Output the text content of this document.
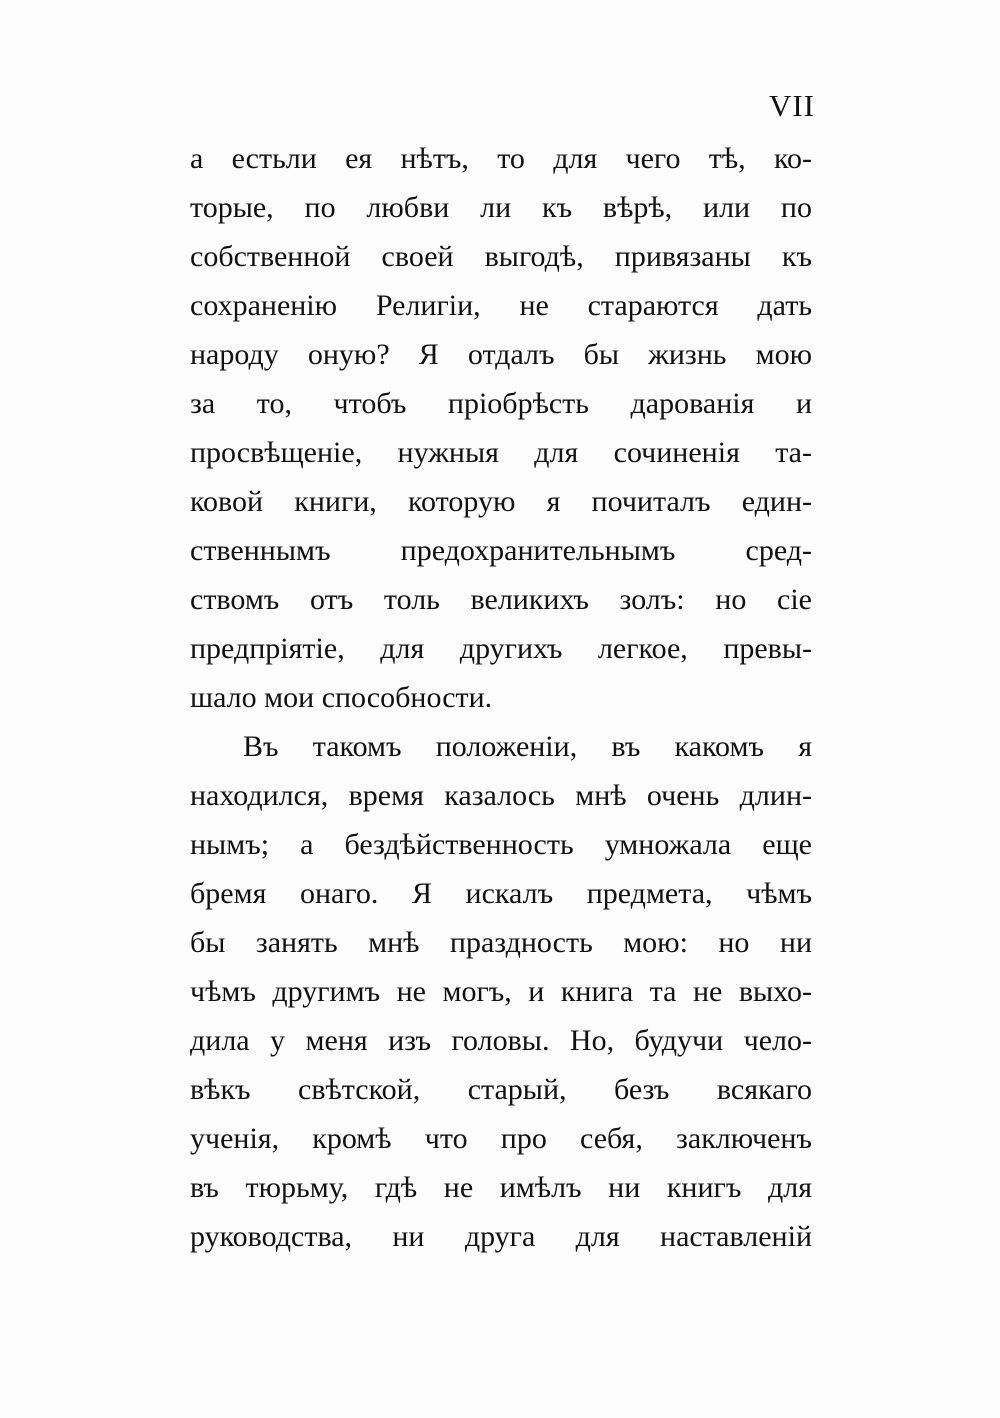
VII
а естьли ея нѣтъ, то для чего тѣ, ко-
торые, по любви ли къ вѣрѣ, или по
собственной своей выгодѣ, привязаны къ
сохраненію Религіи, не стараются дать
народу оную? Я отдалъ бы жизнь мою
за то, чтобъ пріобрѣсть дарованія и
просвѣщеніе, нужныя для сочиненія та-
ковой книги, которую я почиталъ един-
ственнымъ предохранительнымъ сред-
ствомъ отъ толь великихъ золъ: но сіе
предпріятіе, для другихъ легкое, превы-
шало мои способности.
Въ такомъ положеніи, въ какомъ я
находился, время казалось мнѣ очень длин-
нымъ; а бездѣйственность умножала еще
бремя онаго. Я искалъ предмета, чѣмъ
бы занять мнѣ праздность мою: но ни
чѣмъ другимъ не могъ, и книга та не выхо-
дила у меня изъ головы. Но, будучи чело-
вѣкъ свѣтской, старый, безъ всякаго
ученія, кромѣ что про себя, заключенъ
въ тюрьму, гдѣ не имѣлъ ни книгъ для
руководства, ни друга для наставленій
